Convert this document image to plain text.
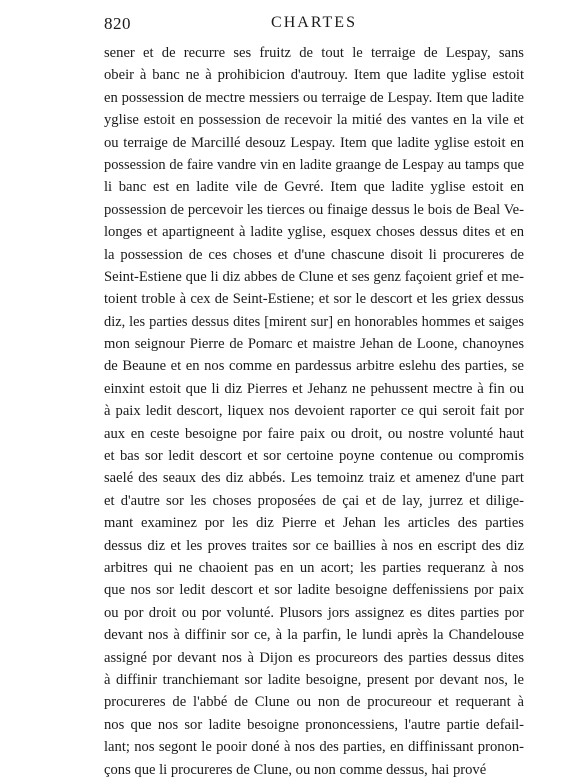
820	CHARTES
sener et de recurre ses fruitz de tout le terraige de Lespay, sans
obeir à banc ne à prohibicion d'autrouy. Item que ladite yglise estoit
en possession de mectre messiers ou terraige de Lespay. Item que ladite
yglise estoit en possession de recevoir la mitié des vantes en la vile et
ou terraige de Marcillé desouz Lespay. Item que ladite yglise estoit en
possession de faire vandre vin en ladite graange de Lespay au tamps que
li banc est en ladite vile de Gevré. Item que ladite yglise estoit en
possession de percevoir les tierces ou finaige dessus le bois de Beal Ve-
longes et apartigneent à ladite yglise, esquex choses dessus dites et en
la possession de ces choses et d'une chascune disoit li procureres de
Seint-Estiene que li diz abbes de Clune et ses genz façoient grief et me-
toient troble à cex de Seint-Estiene; et sor le descort et les griex dessus
diz, les parties dessus dites [mirent sur] en honorables hommes et saiges
mon seignour Pierre de Pomarc et maistre Jehan de Loone, chanoynes
de Beaune et en nos comme en pardessus arbitre eslehu des parties, se
einxint estoit que li diz Pierres et Jehanz ne pehussent mectre à fin ou
à paix ledit descort, liquex nos devoient raporter ce qui seroit fait por
aux en ceste besoigne por faire paix ou droit, ou nostre volunté haut
et bas sor ledit descort et sor certoine poyne contenue ou compromis
saelé des seaux des diz abbés. Les temoinz traiz et amenez d'une part
et d'autre sor les choses proposées de çai et de lay, jurrez et dilige-
mant examinez por les diz Pierre et Jehan les articles des parties
dessus diz et les proves traites sor ce baillies à nos en escript des diz
arbitres qui ne chaoient pas en un acort; les parties requeranz à nos
que nos sor ledit descort et sor ladite besoigne deffenissiens por paix
ou por droit ou por volunté. Plusors jors assignez es dites parties por
devant nos à diffinir sor ce, à la parfin, le lundi après la Chandelouse
assigné por devant nos à Dijon es procureors des parties dessus dites
à diffinir tranchiemant sor ladite besoigne, present por devant nos, le
procureres de l'abbé de Clune ou non de procureour et requerant à
nos que nos sor ladite besoigne prononcessiens, l'autre partie defail-
lant; nos segont le pooir doné à nos des parties, en diffinissant pronon-
çons que li procureres de Clune, ou non comme dessus, hai prové
